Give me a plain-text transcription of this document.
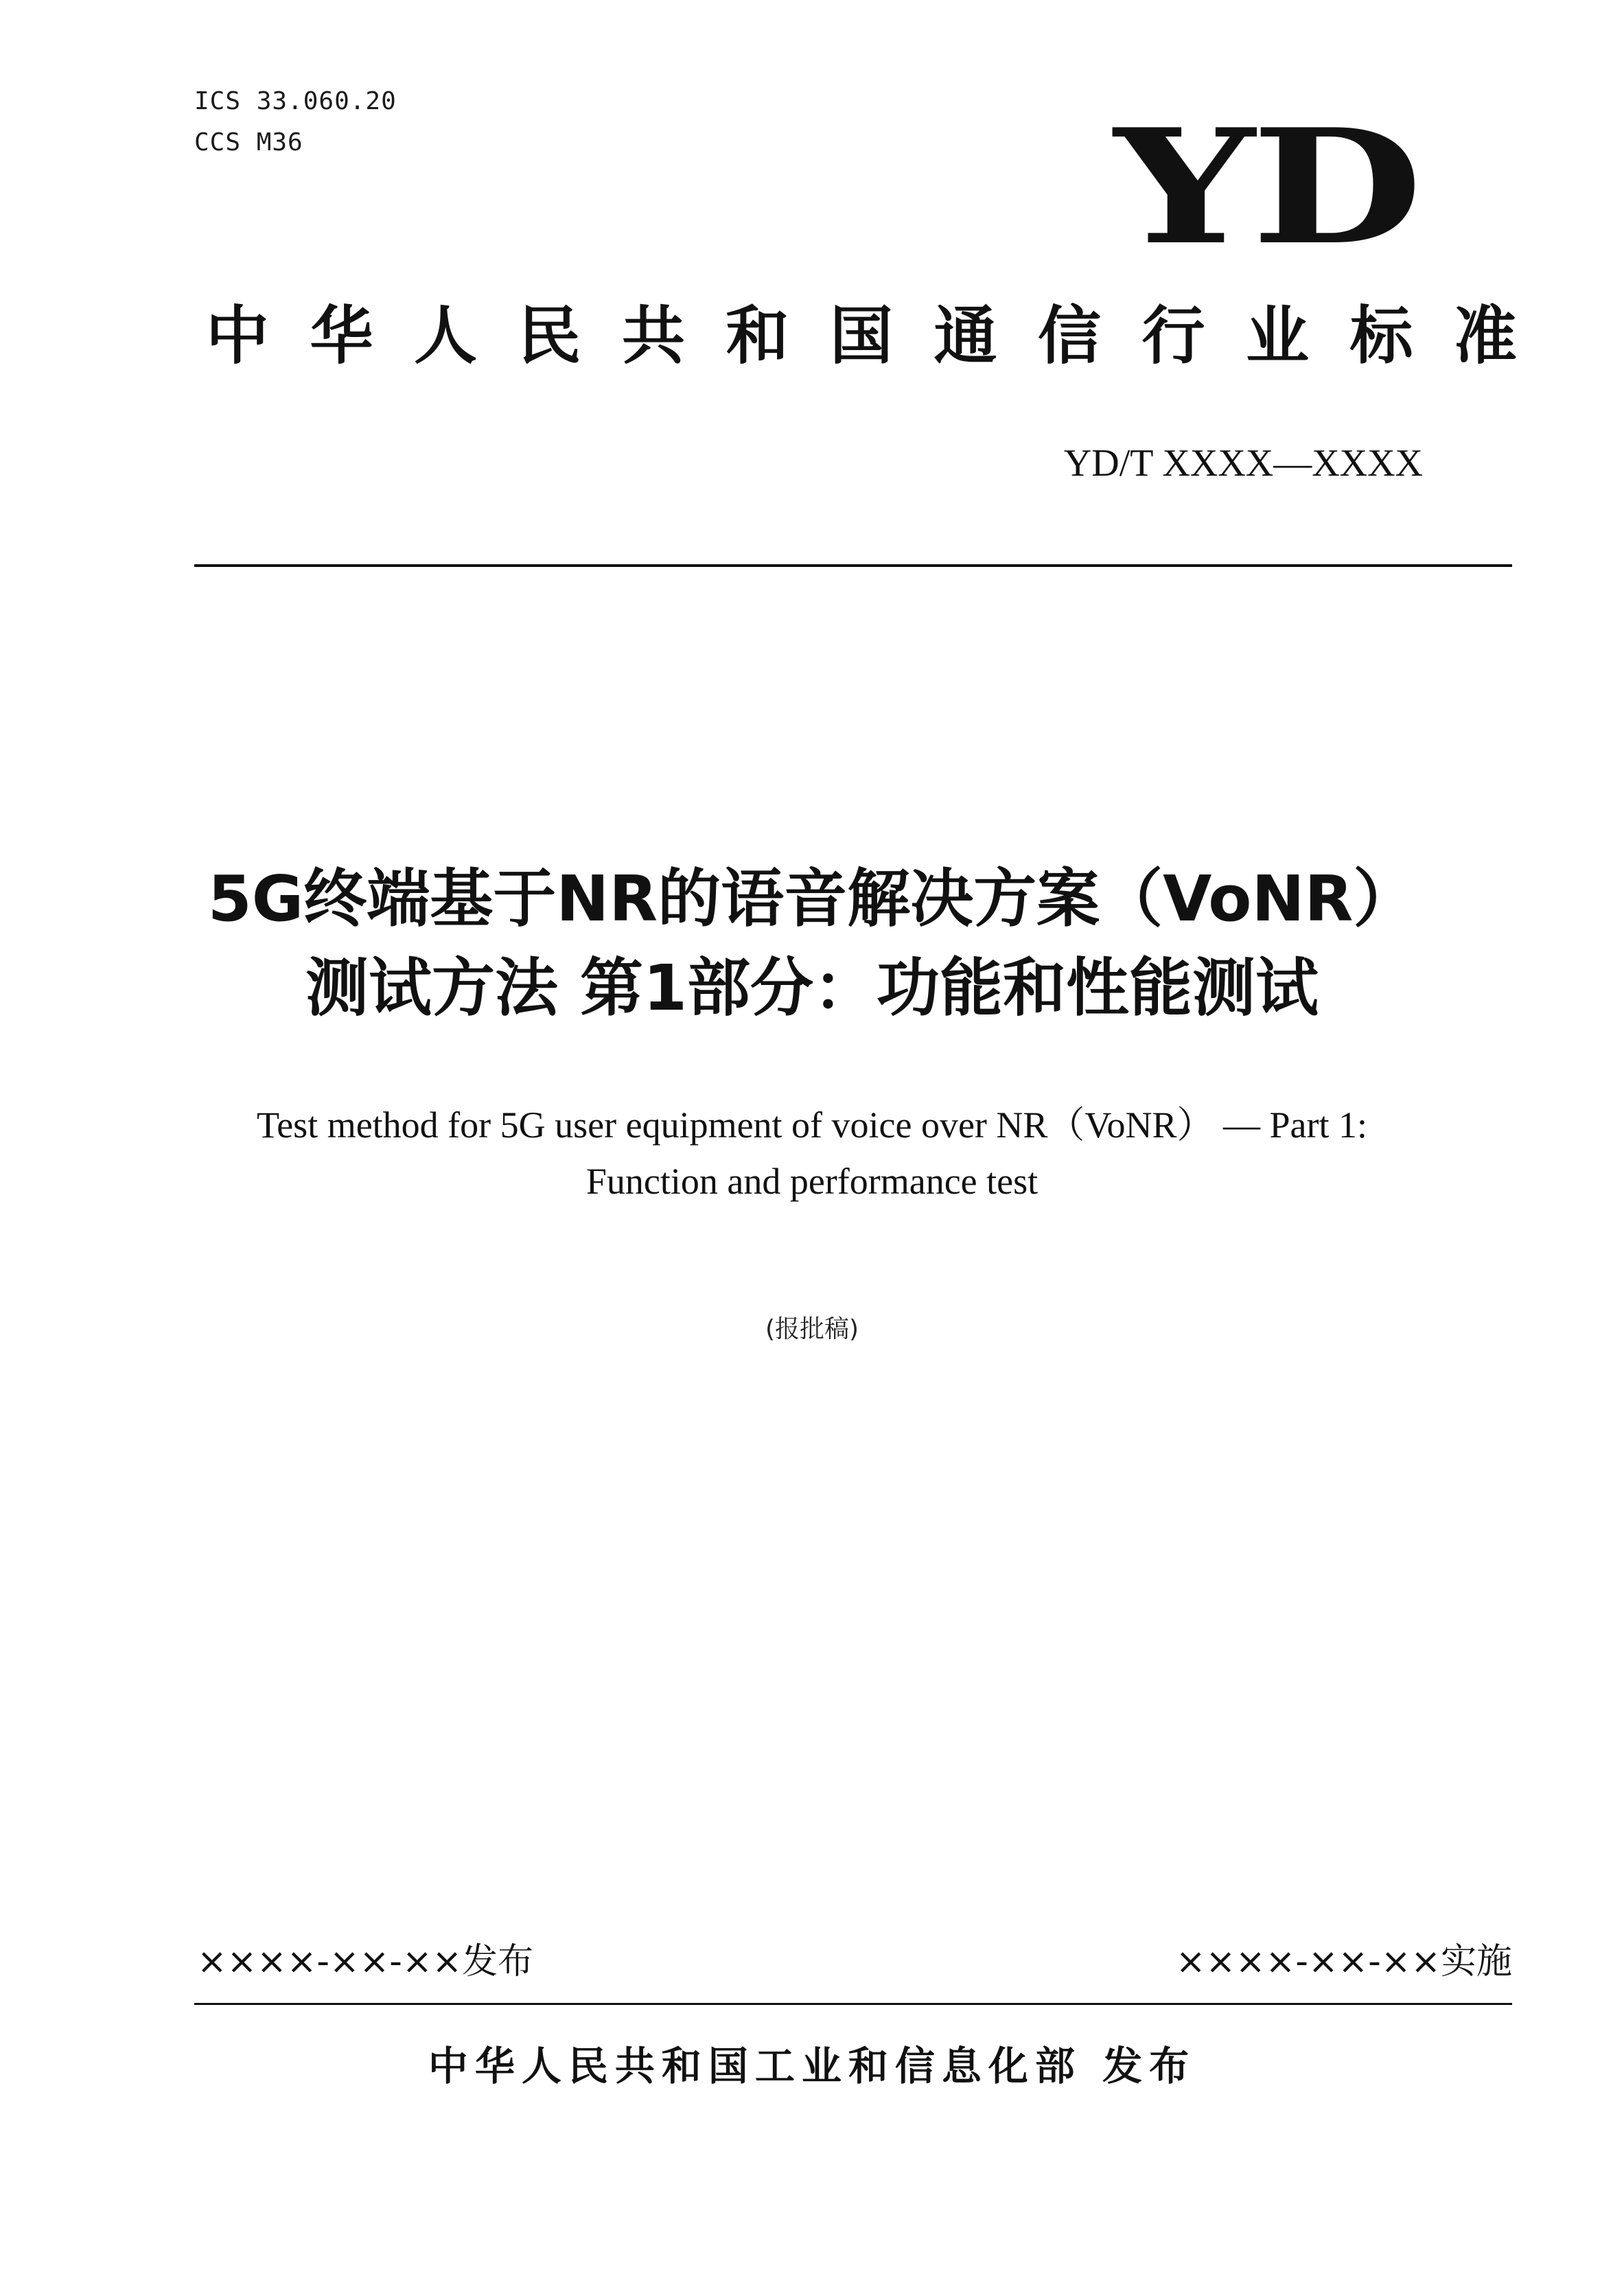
ICS 33.060.20
CCS M36	YD
中华人民共和国通信行业标准
YD/T XXXX—XXXX
5G终端基于NR的语音解决方案（VoNR）
测试方法 第1部分：功能和性能测试
Test method for 5G user equipment of voice over NR（VoNR） — Part 1:
Function and performance test
(报批稿)
××××-××-××发布	××××-××-××实施
中华人民共和国工业和信息化部 发布
